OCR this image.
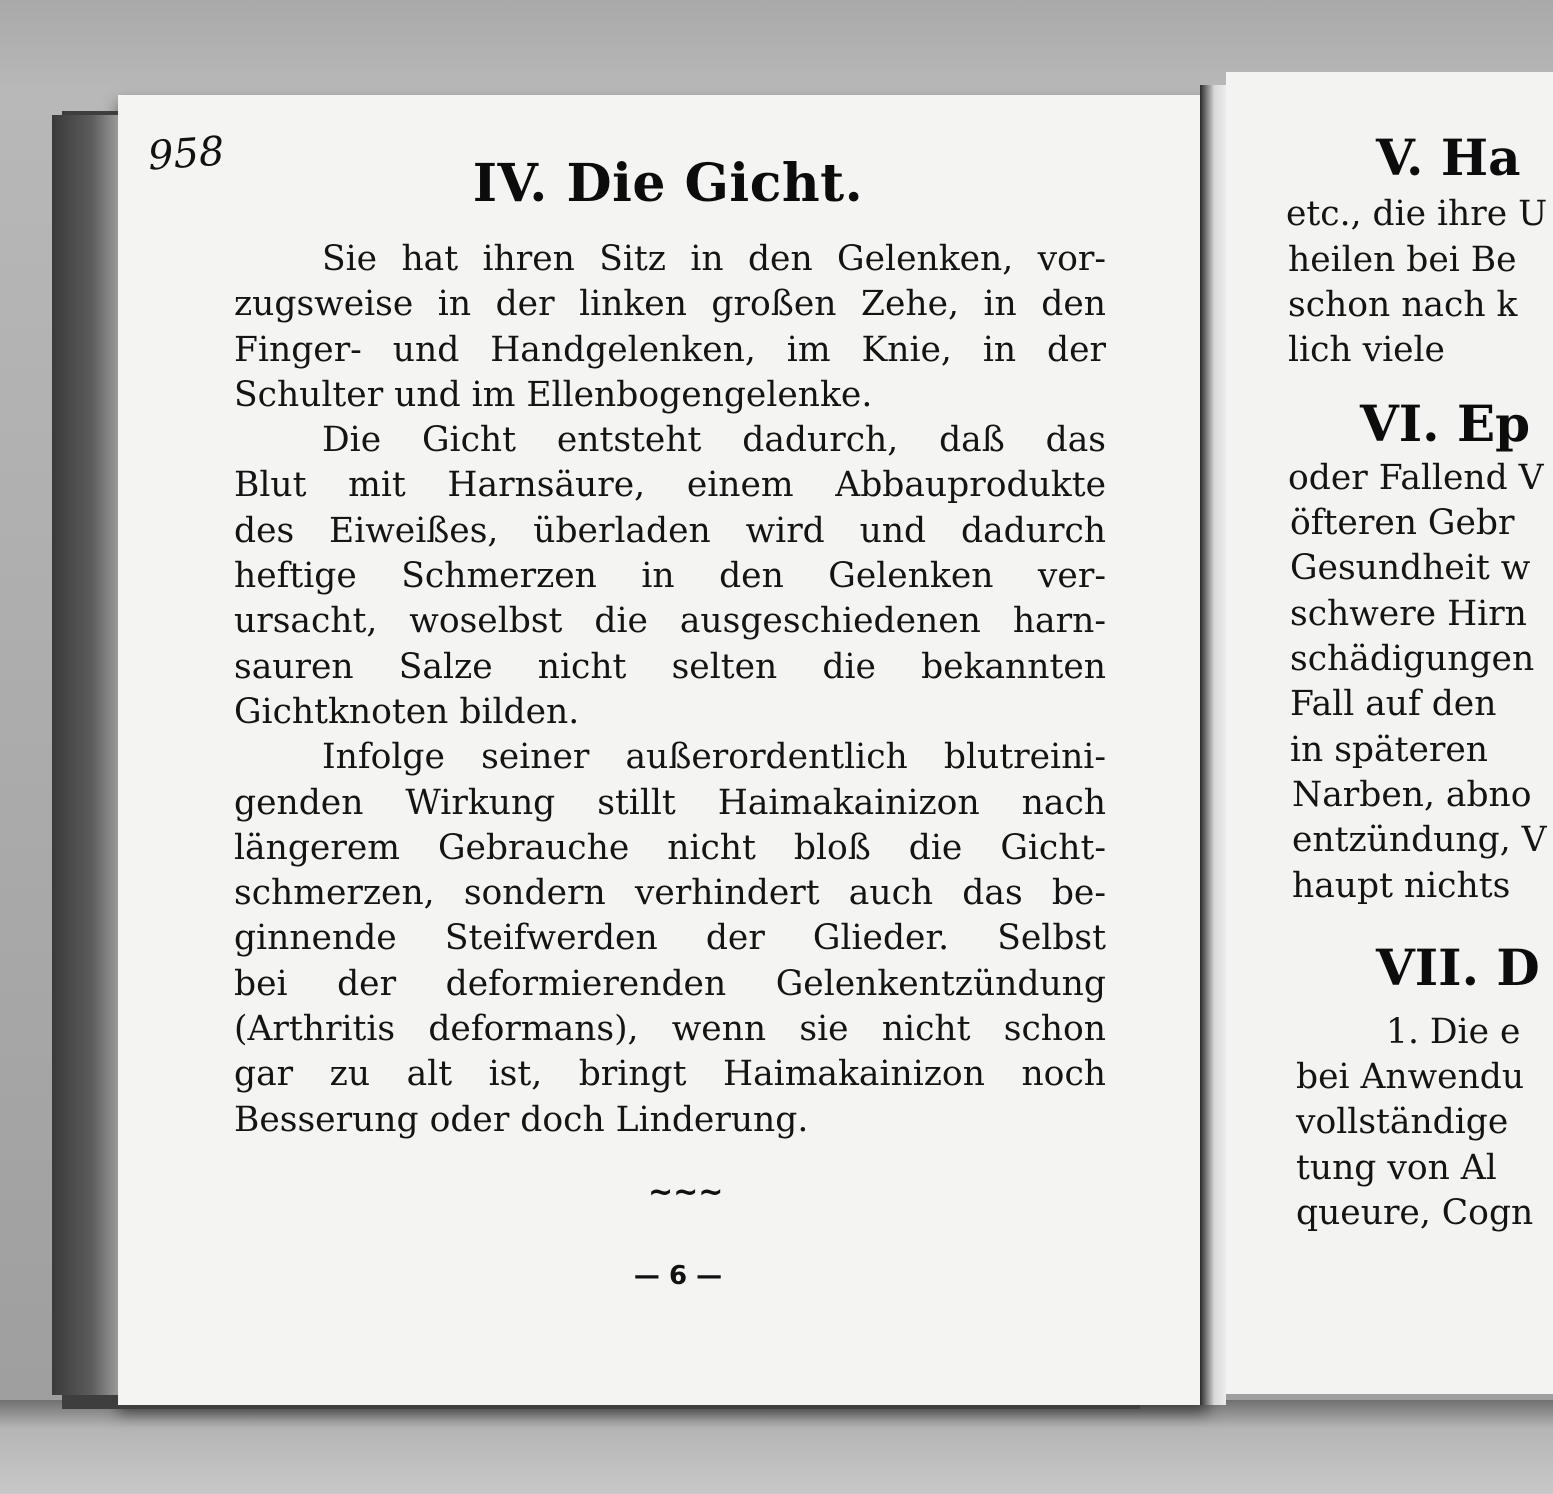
958	IV. Die Gicht.
Sie hat ihren Sitz in den Gelenken, vor-
zugsweise in der linken großen Zehe, in den
Finger- und Handgelenken, im Knie, in der
Schulter und im Ellenbogengelenke.
Die Gicht entsteht dadurch, daß das
Blut mit Harnsäure, einem Abbauprodukte
des Eiweißes, überladen wird und dadurch
heftige Schmerzen in den Gelenken ver-
ursacht, woselbst die ausgeschiedenen harn-
sauren Salze nicht selten die bekannten
Gichtknoten bilden.
Infolge seiner außerordentlich blutreini-
genden Wirkung stillt Haimakainizon nach
längerem Gebrauche nicht bloß die Gicht-
schmerzen, sondern verhindert auch das be-
ginnende Steifwerden der Glieder. Selbst
bei der deformierenden Gelenkentzündung
(Arthritis deformans), wenn sie nicht schon
gar zu alt ist, bringt Haimakainizon noch
Besserung oder doch Linderung.
~~~
— 6 —
V. Ha
etc., die ihre U
heilen bei Be
schon nach k
lich viele
VI. Ep
oder Fallend V
öfteren Gebr
Gesundheit w
schwere Hirn
schädigungen
Fall auf den
in späteren
Narben, abno
entzündung, V
haupt nichts
VII. D
1. Die e
bei Anwendu
vollständige
tung von Al
queure, Cogn
